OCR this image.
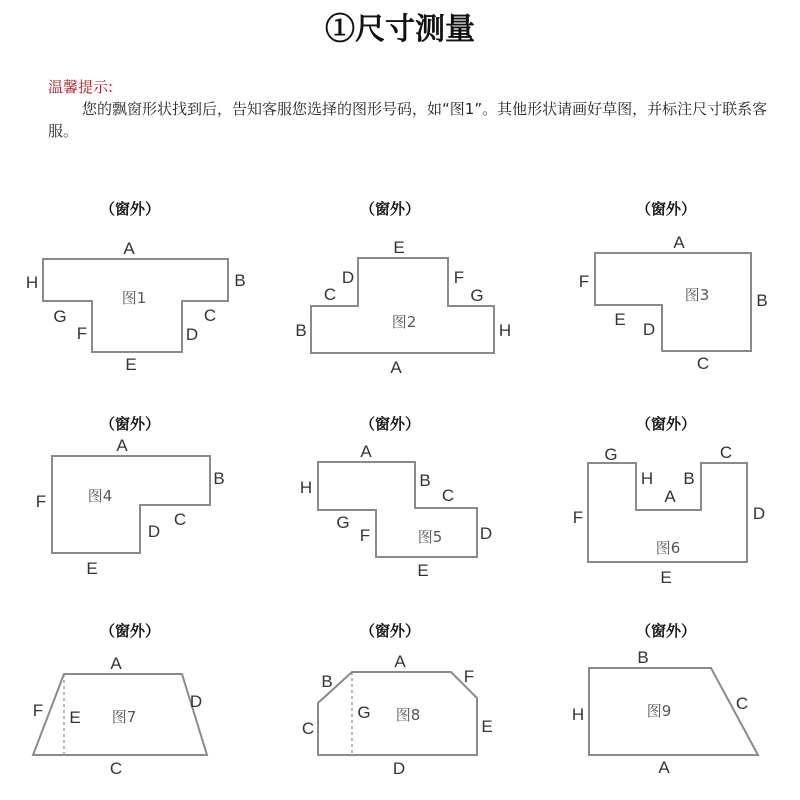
①尺寸测量
温馨提示:
您的飘窗形状找到后，告知客服您选择的图形号码，如“图1”。其他形状请画好草图，并标注尺寸联系客服。
（窗外）	（窗外）	（窗外）
图1
A
B
C
D
E
F
G
H
图2
A
B
C
D
E
F
G
H
图3
A
B
C
D
E
F
（窗外）	（窗外）	（窗外）
图4
A
B
C
D
E
F
图5
A
B
C
D
E
F
G
H
图6
A
B
C
D
E
F
G
H
（窗外）	（窗外）	（窗外）
图7
A
C
D
E
F	图8
A
B
C
D
E
F
G	图9
A
B
C
H
